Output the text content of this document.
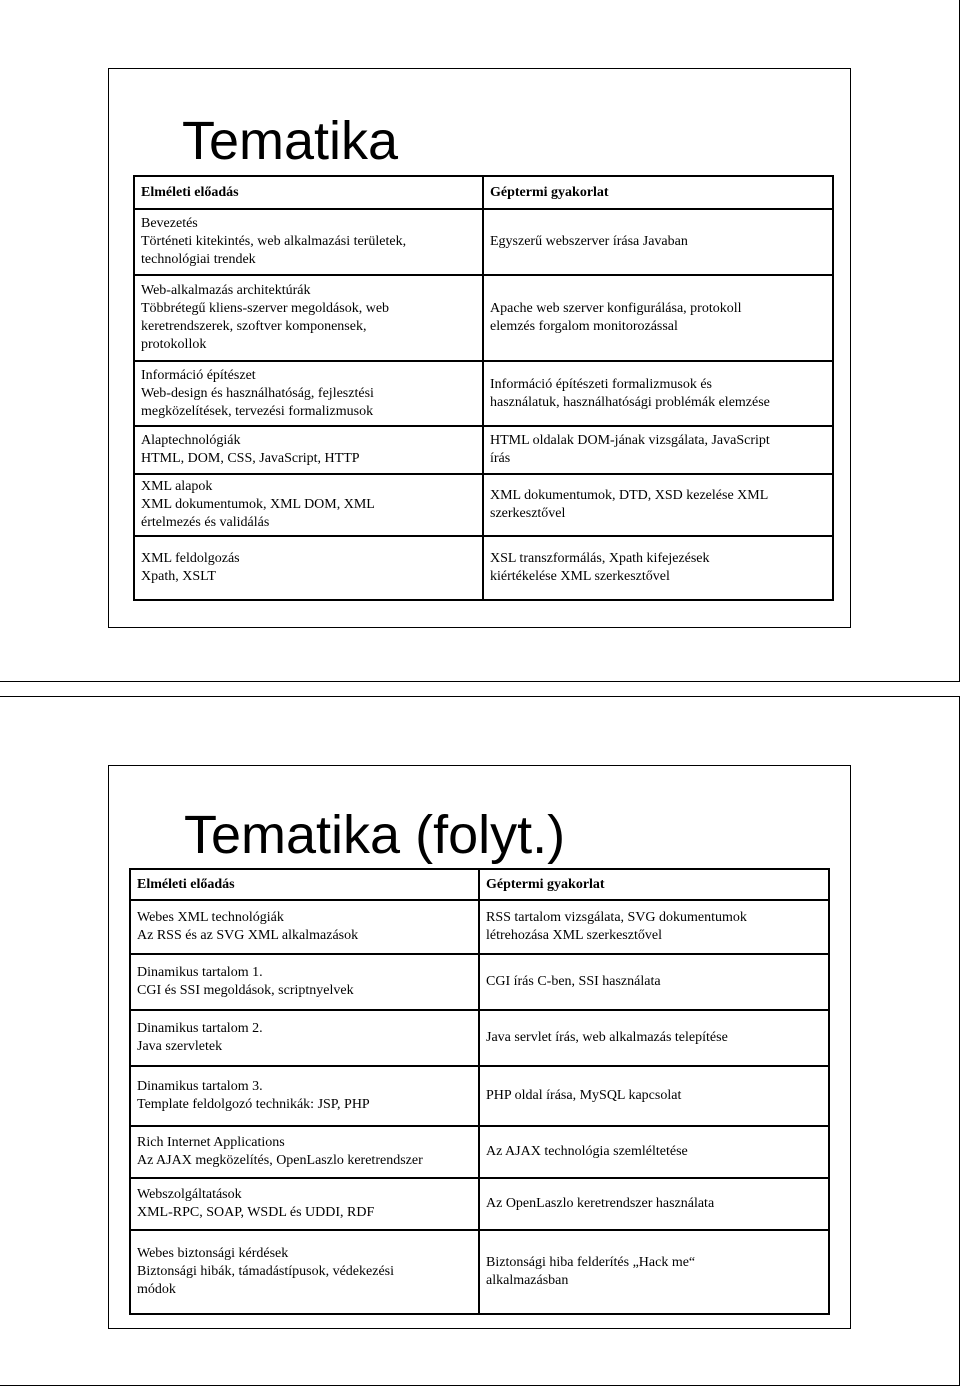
Tematika
Tematika (folyt.)
Elméleti előadás	Géptermi gyakorlat

Bevezetés
Történeti kitekintés, web alkalmazási területek,
technológiai trendek	Egyszerű webszerver írása Javaban

Web-alkalmazás architektúrák
Többrétegű kliens-szerver megoldások, web
keretrendszerek, szoftver komponensek,
protokollok	Apache web szerver konfigurálása, protokoll
elemzés forgalom monitorozással

Információ építészet
Web-design és használhatóság, fejlesztési
megközelítések, tervezési formalizmusok	Információ építészeti formalizmusok és
használatuk, használhatósági problémák elemzése

Alaptechnológiák
HTML, DOM, CSS, JavaScript, HTTP	HTML oldalak DOM-jának vizsgálata, JavaScript
írás

XML alapok
XML dokumentumok, XML DOM, XML
értelmezés és validálás	XML dokumentumok, DTD, XSD kezelése XML
szerkesztővel

XML feldolgozás
Xpath, XSLT	XSL transzformálás, Xpath kifejezések
kiértékelése XML szerkesztővel
Elméleti előadás	Géptermi gyakorlat

Webes XML technológiák
Az RSS és az SVG XML alkalmazások	RSS tartalom vizsgálata, SVG dokumentumok
létrehozása XML szerkesztővel

Dinamikus tartalom 1.
CGI és SSI megoldások, scriptnyelvek	CGI írás C-ben, SSI használata

Dinamikus tartalom 2.
Java szervletek	Java servlet írás, web alkalmazás telepítése

Dinamikus tartalom 3.
Template feldolgozó technikák: JSP, PHP	PHP oldal írása, MySQL kapcsolat

Rich Internet Applications
Az AJAX megközelítés, OpenLaszlo keretrendszer	Az AJAX technológia szemléltetése

Webszolgáltatások
XML-RPC, SOAP, WSDL és UDDI, RDF	Az OpenLaszlo keretrendszer használata

Webes biztonsági kérdések
Biztonsági hibák, támadástípusok, védekezési
módok	Biztonsági hiba felderítés „Hack me“
alkalmazásban
